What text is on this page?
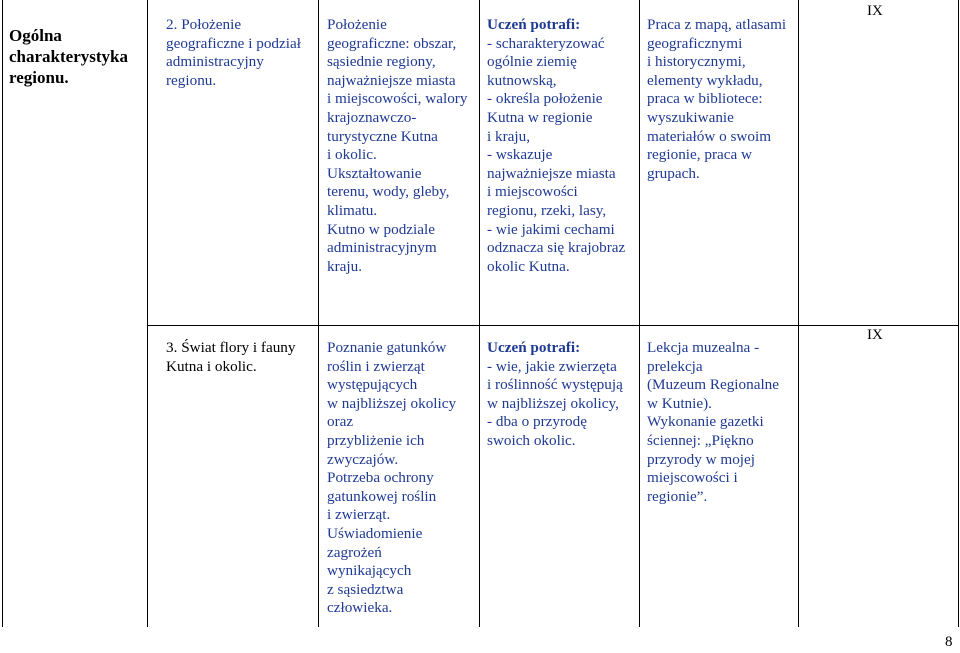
Ogólna
charakterystyka
regionu.
2. Położenie
geograficzne i podział
administracyjny
regionu.
Położenie
geograficzne: obszar,
sąsiednie regiony,
najważniejsze miasta
i miejscowości, walory
krajoznawczo-
turystyczne Kutna
i okolic.
Ukształtowanie
terenu, wody, gleby,
klimatu.
Kutno w podziale
administracyjnym
kraju.
Uczeń potrafi:
- scharakteryzować
ogólnie ziemię
kutnowską,
- określa położenie
Kutna w regionie
i kraju,
- wskazuje
najważniejsze miasta
i miejscowości
regionu, rzeki, lasy,
- wie jakimi cechami
odznacza się krajobraz
okolic Kutna.
Praca z mapą, atlasami
geograficznymi
i historycznymi,
elementy wykładu,
praca w bibliotece:
wyszukiwanie
materiałów o swoim
regionie, praca w
grupach.
IX
3. Świat flory i fauny
Kutna i okolic.
Poznanie gatunków
roślin i zwierząt
występujących
w najbliższej okolicy
oraz
przybliżenie ich
zwyczajów.
Potrzeba ochrony
gatunkowej roślin
i zwierząt.
Uświadomienie
zagrożeń
wynikających
z sąsiedztwa
człowieka.
Uczeń potrafi:
- wie, jakie zwierzęta
i roślinność występują
w najbliższej okolicy,
- dba o przyrodę
swoich okolic.
Lekcja muzealna -
prelekcja
(Muzeum Regionalne
w Kutnie).
Wykonanie gazetki
ściennej: „Piękno
przyrody w mojej
miejscowości i
regionie”.
IX
8
